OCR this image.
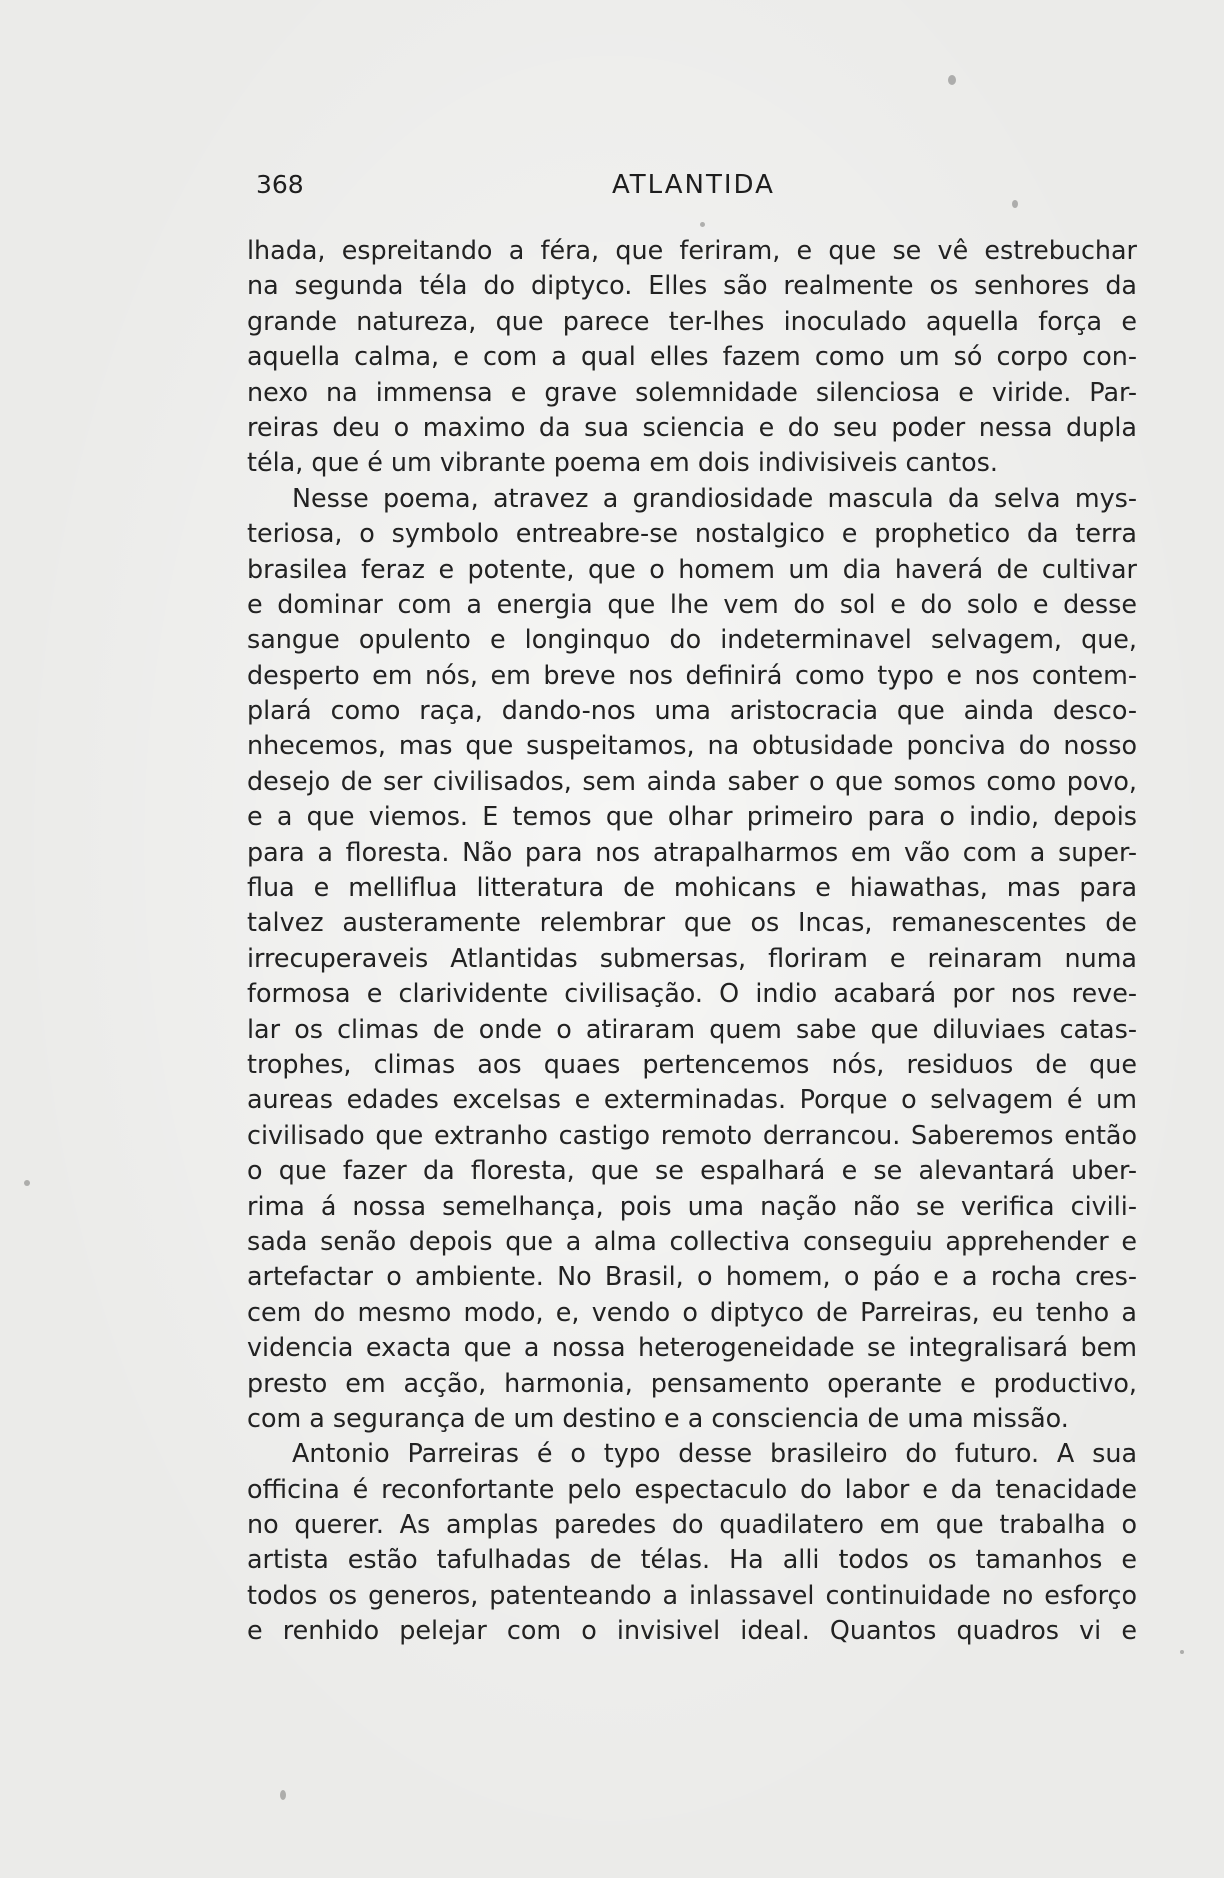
368	ATLANTIDA
lhada, espreitando a féra, que feriram, e que se vê estrebuchar
na segunda téla do diptyco. Elles são realmente os senhores da
grande natureza, que parece ter-lhes inoculado aquella força e
aquella calma, e com a qual elles fazem como um só corpo con-
nexo na immensa e grave solemnidade silenciosa e viride. Par-
reiras deu o maximo da sua sciencia e do seu poder nessa dupla
téla, que é um vibrante poema em dois indivisiveis cantos.
Nesse poema, atravez a grandiosidade mascula da selva mys-
teriosa, o symbolo entreabre-se nostalgico e prophetico da terra
brasilea feraz e potente, que o homem um dia haverá de cultivar
e dominar com a energia que lhe vem do sol e do solo e desse
sangue opulento e longinquo do indeterminavel selvagem, que,
desperto em nós, em breve nos definirá como typo e nos contem-
plará como raça, dando-nos uma aristocracia que ainda desco-
nhecemos, mas que suspeitamos, na obtusidade ponciva do nosso
desejo de ser civilisados, sem ainda saber o que somos como povo,
e a que viemos. E temos que olhar primeiro para o indio, depois
para a floresta. Não para nos atrapalharmos em vão com a super-
flua e melliflua litteratura de mohicans e hiawathas, mas para
talvez austeramente relembrar que os Incas, remanescentes de
irrecuperaveis Atlantidas submersas, floriram e reinaram numa
formosa e clarividente civilisação. O indio acabará por nos reve-
lar os climas de onde o atiraram quem sabe que diluviaes catas-
trophes, climas aos quaes pertencemos nós, residuos de que
aureas edades excelsas e exterminadas. Porque o selvagem é um
civilisado que extranho castigo remoto derrancou. Saberemos então
o que fazer da floresta, que se espalhará e se alevantará uber-
rima á nossa semelhança, pois uma nação não se verifica civili-
sada senão depois que a alma collectiva conseguiu apprehender e
artefactar o ambiente. No Brasil, o homem, o páo e a rocha cres-
cem do mesmo modo, e, vendo o diptyco de Parreiras, eu tenho a
videncia exacta que a nossa heterogeneidade se integralisará bem
presto em acção, harmonia, pensamento operante e productivo,
com a segurança de um destino e a consciencia de uma missão.
Antonio Parreiras é o typo desse brasileiro do futuro. A sua
officina é reconfortante pelo espectaculo do labor e da tenacidade
no querer. As amplas paredes do quadilatero em que trabalha o
artista estão tafulhadas de télas. Ha alli todos os tamanhos e
todos os generos, patenteando a inlassavel continuidade no esforço
e renhido pelejar com o invisivel ideal. Quantos quadros vi e
